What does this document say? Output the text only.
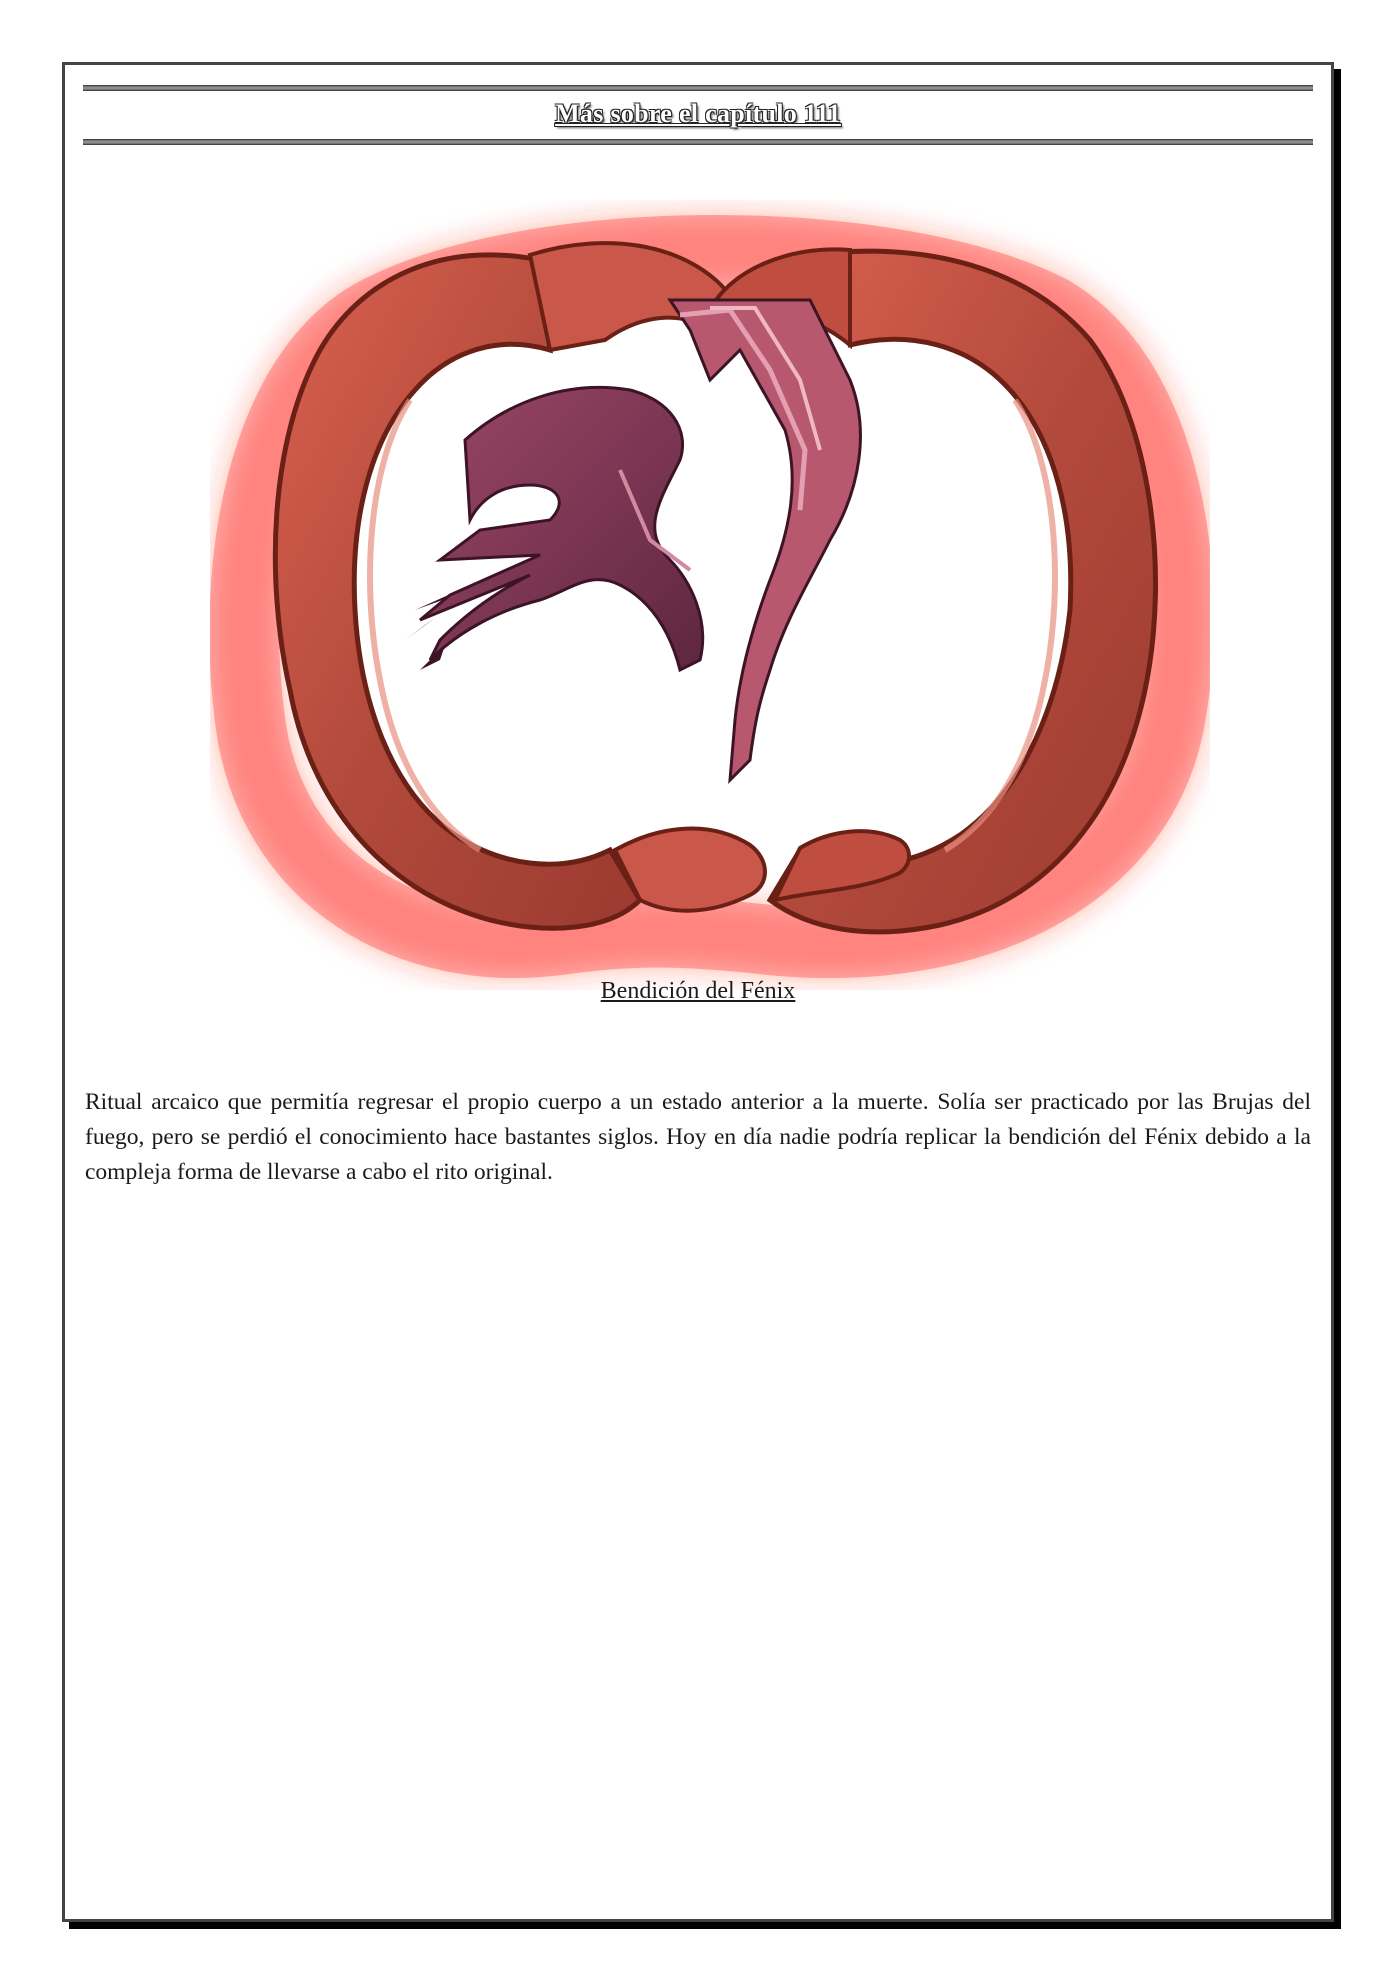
Más sobre el capítulo 111
Bendición del Fénix
Ritual arcaico que permitía regresar el propio cuerpo a un estado anterior a la muerte. Solía ser practicado por las Brujas del fuego, pero se perdió el conocimiento hace bastantes siglos. Hoy en día nadie podría replicar la bendición del Fénix debido a la compleja forma de llevarse a cabo el rito original.
